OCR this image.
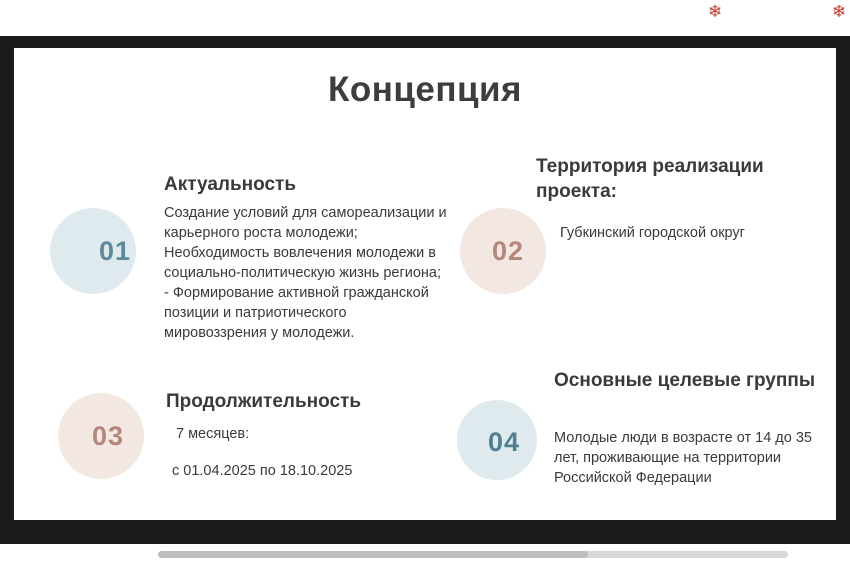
❄	❄
Концепция
01
Актуальность
Создание условий для самореализации и карьерного роста молодежи; Необходимость вовлечения молодежи в социально-политическую жизнь региона; - Формирование активной гражданской позиции и патриотического мировоззрения у молодежи.
02
Территория реализации проекта:
Губкинский городской округ
03
Продолжительность
7 месяцев:
с 01.04.2025 по 18.10.2025
04
Основные целевые группы
Молодые люди в возрасте от 14 до 35 лет, проживающие на территории Российской Федерации
